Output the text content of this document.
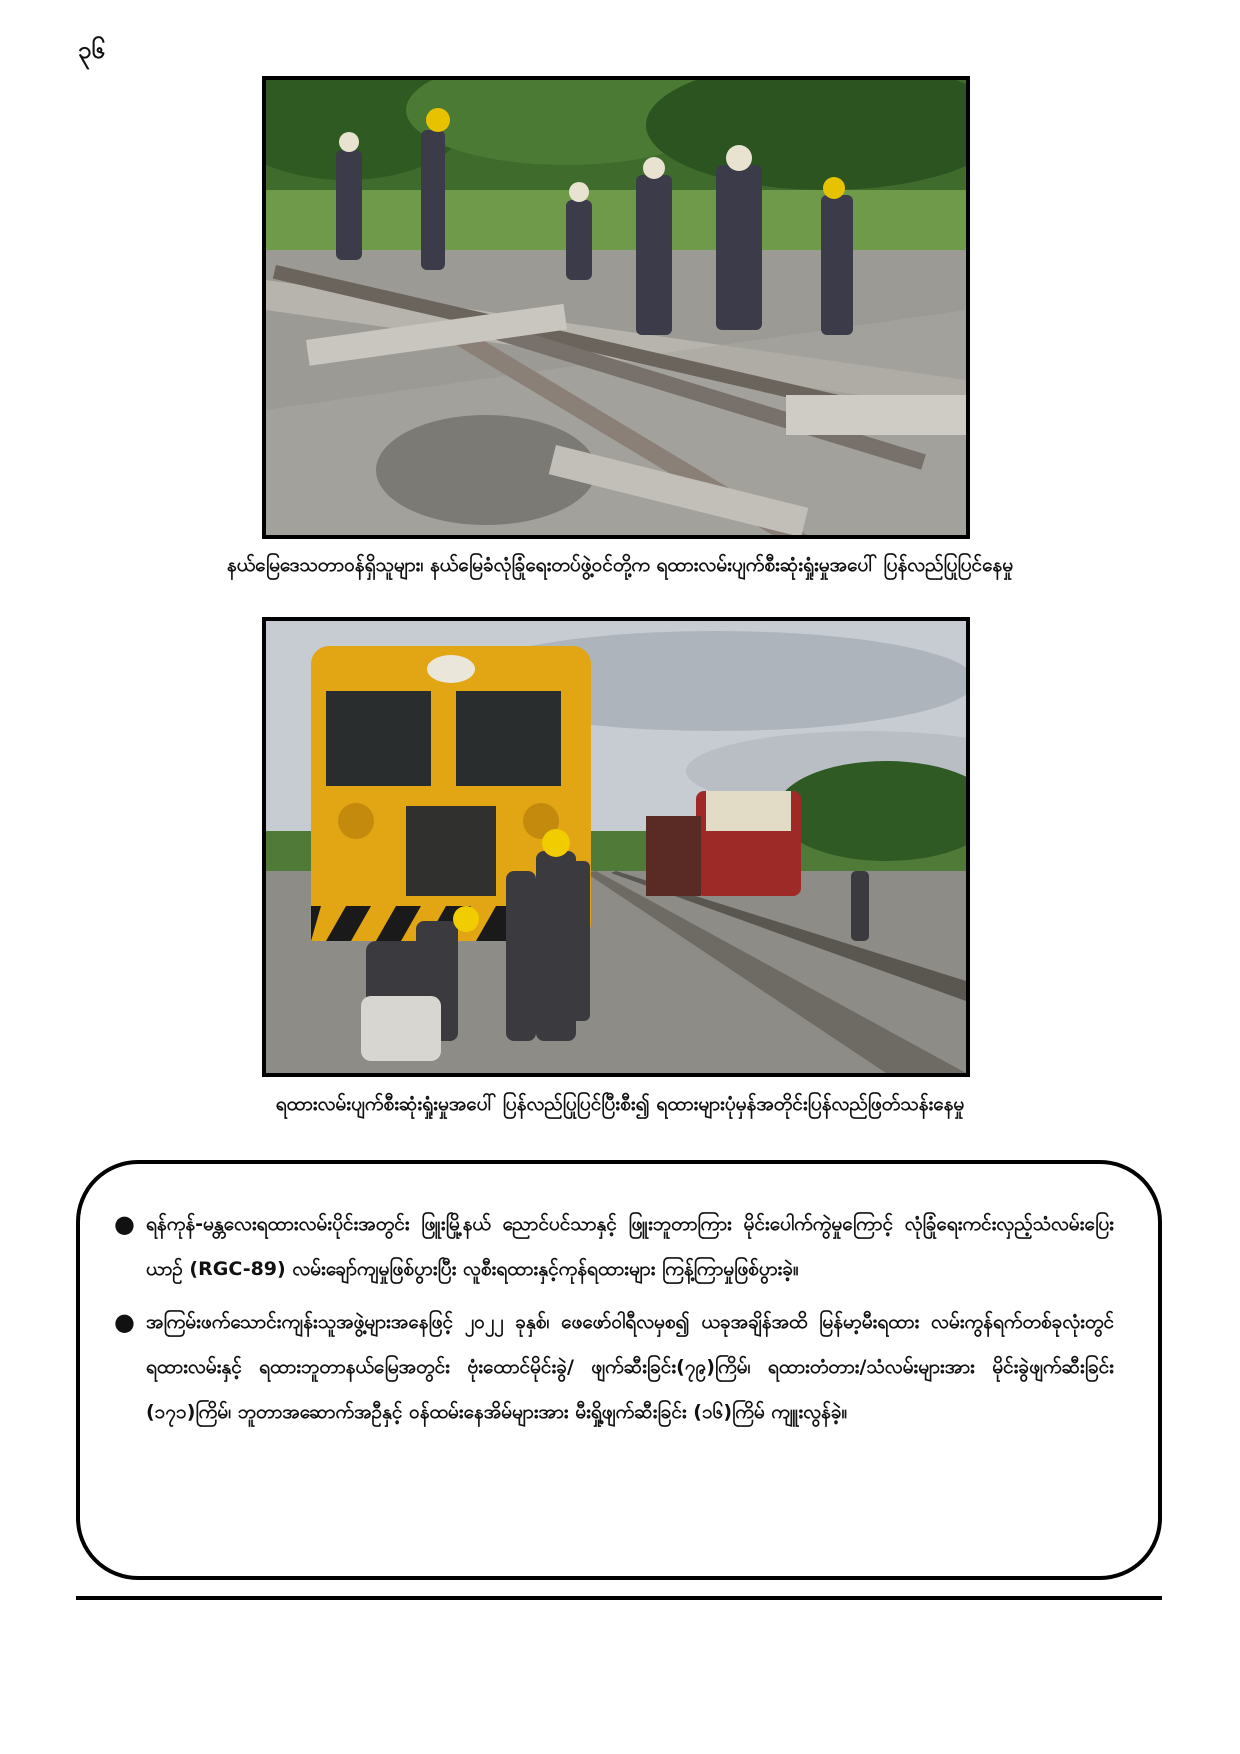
၃၆
နယ်မြေဒေသတာဝန်ရှိသူများ၊ နယ်မြေခံလုံခြုံရေးတပ်ဖွဲ့ဝင်တို့က ရထားလမ်းပျက်စီးဆုံးရှုံးမှုအပေါ် ပြန်လည်ပြုပြင်နေမှု
ရထားလမ်းပျက်စီးဆုံးရှုံးမှုအပေါ် ပြန်လည်ပြုပြင်ပြီးစီး၍ ရထားများပုံမှန်အတိုင်းပြန်လည်ဖြတ်သန်းနေမှု
● ရန်ကုန်-မန္တလေးရထားလမ်းပိုင်းအတွင်း ဖြူးမြို့နယ် ညောင်ပင်သာနှင့် ဖြူးဘူတာကြား မိုင်းပေါက်ကွဲမှုကြောင့် လုံခြုံရေးကင်းလှည့်သံလမ်းပြေးယာဉ် (RGC-89) လမ်းချော်ကျမှုဖြစ်ပွားပြီး လူစီးရထားနှင့်ကုန်ရထားများ ကြန့်ကြာမှုဖြစ်ပွားခဲ့။
● အကြမ်းဖက်သောင်းကျန်းသူအဖွဲ့များအနေဖြင့် ၂၀၂၂ ခုနှစ်၊ ဖေဖော်ဝါရီလမှစ၍ ယခုအချိန်အထိ မြန်မာ့မီးရထား လမ်းကွန်ရက်တစ်ခုလုံးတွင် ရထားလမ်းနှင့် ရထားဘူတာနယ်မြေအတွင်း ဗုံးထောင်မိုင်းခွဲ/ ဖျက်ဆီးခြင်း(၇၉)ကြိမ်၊ ရထားတံတား/သံလမ်းများအား မိုင်းခွဲဖျက်ဆီးခြင်း (၁၇၁)ကြိမ်၊ ဘူတာအဆောက်အဦနှင့် ဝန်ထမ်းနေအိမ်များအား မီးရှို့ဖျက်ဆီးခြင်း (၁၆)ကြိမ် ကျူးလွန်ခဲ့။
